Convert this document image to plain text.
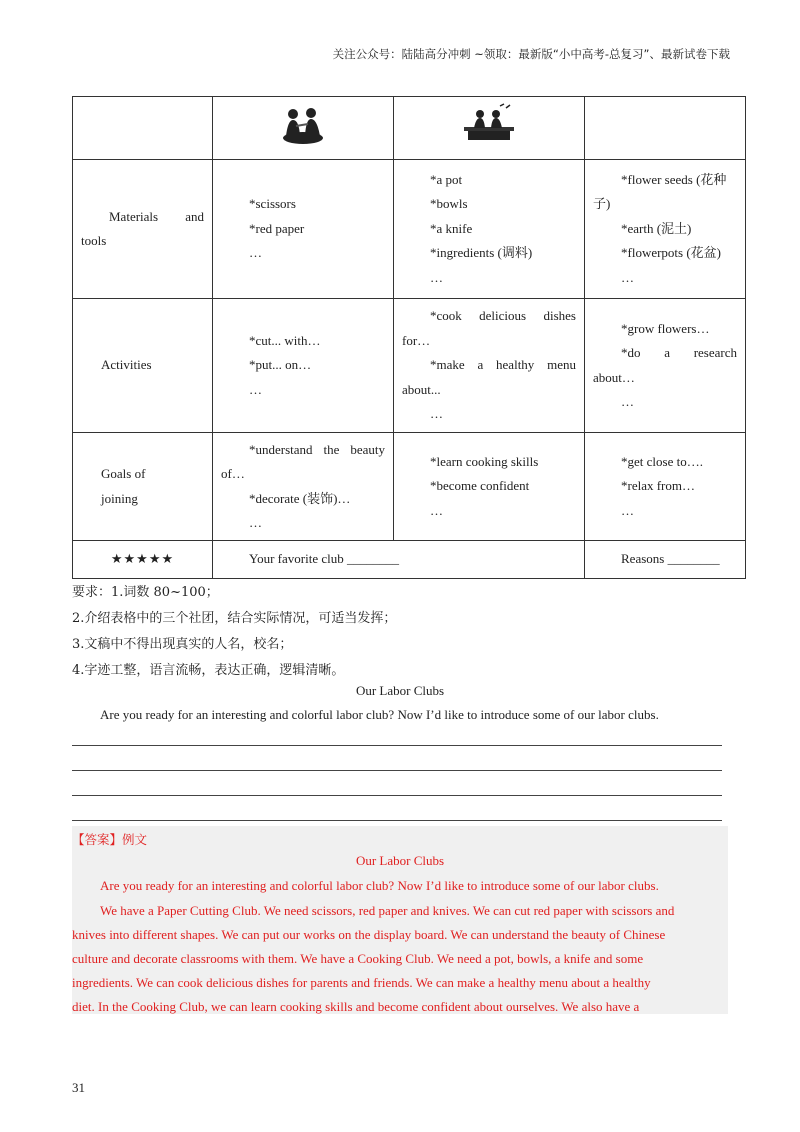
关注公众号：陆陆高分冲刺 ~领取：最新版“小中高考-总复习”、最新试卷下载

Materials and
tools	*scissors
*red paper
…	*a pot
*bowls
*a knife
*ingredients (调料)
…	*flower seeds (花种
子)
*earth (泥土)
*flowerpots (花盆)
…

Activities	*cut... with…
*put... on…
…	*cook delicious dishes
for…
*make a healthy menu
about...
…	*grow flowers…
*do a research
about…
…

Goals of
joining	*understand the beauty
of…
*decorate (装饰)…
…	*learn cooking skills
*become confident
…	*get close to….
*relax from…
…

★★★★★	Your favorite club ________		Reasons ________
要求：1.词数 80~100；
2.介绍表格中的三个社团，结合实际情况，可适当发挥；
3.文稿中不得出现真实的人名，校名；
4.字迹工整，语言流畅，表达正确，逻辑清晰。
Our Labor Clubs
Are you ready for an interesting and colorful labor club? Now I’d like to introduce some of our labor clubs.
【答案】例文
Our Labor Clubs
Are you ready for an interesting and colorful labor club? Now I’d like to introduce some of our labor clubs.
We have a Paper Cutting Club. We need scissors, red paper and knives. We can cut red paper with scissors and
knives into different shapes. We can put our works on the display board. We can understand the beauty of Chinese
culture and decorate classrooms with them. We have a Cooking Club. We need a pot, bowls, a knife and some
ingredients. We can cook delicious dishes for parents and friends. We can make a healthy menu about a healthy
diet. In the Cooking Club, we can learn cooking skills and become confident about ourselves. We also have a
31
